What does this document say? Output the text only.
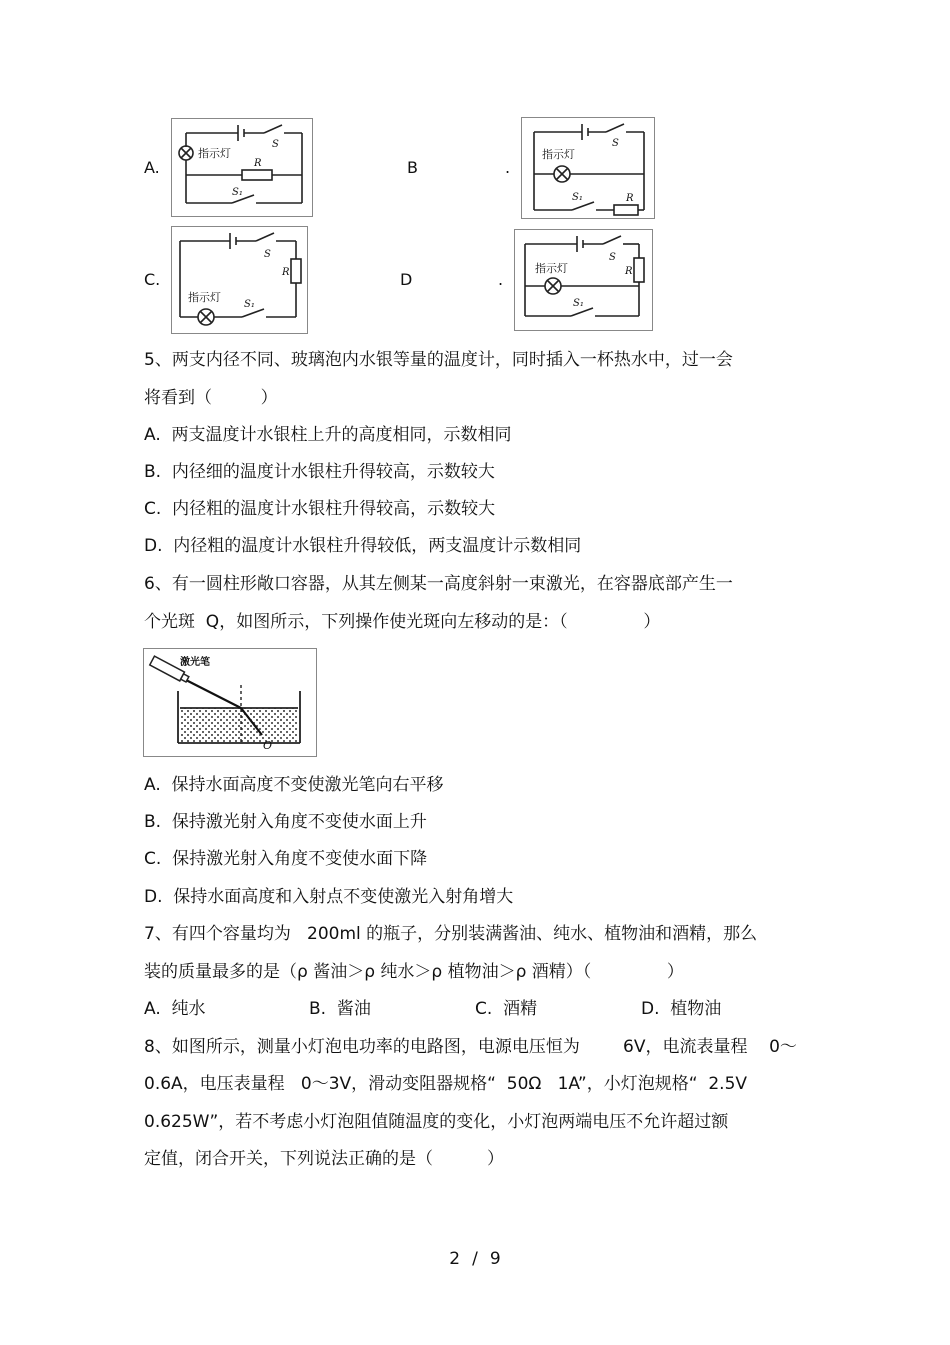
A.
指示灯
S
R
S₁
B	.
指示灯
S
S₁	R
C.
指示灯
S
R
S₁
D	.
指示灯
S
R
S₁
5、两支内径不同、玻璃泡内水银等量的温度计，同时插入一杯热水中，过一会
将看到（         ）
A.  两支温度计水银柱上升的高度相同，示数相同
B.  内径细的温度计水银柱升得较高，示数较大
C.  内径粗的温度计水银柱升得较高，示数较大
D.  内径粗的温度计水银柱升得较低，两支温度计示数相同
6、有一圆柱形敞口容器，从其左侧某一高度斜射一束激光，在容器底部产生一
个光斑  Q，如图所示，下列操作使光斑向左移动的是：（              ）
激光笔
O
A.  保持水面高度不变使激光笔向右平移
B.  保持激光射入角度不变使水面上升
C.  保持激光射入角度不变使水面下降
D.  保持水面高度和入射点不变使激光入射角增大
7、有四个容量均为   200ml 的瓶子，分别装满酱油、纯水、植物油和酒精，那么
装的质量最多的是（ρ 酱油＞ρ 纯水＞ρ 植物油＞ρ 酒精）（              ）
A.  纯水	B.  酱油	C.  酒精	D.  植物油
8、如图所示，测量小灯泡电功率的电路图，电源电压恒为        6V，电流表量程    0～
0.6A，电压表量程   0～3V，滑动变阻器规格“  50Ω   1A”，小灯泡规格“  2.5V
0.625W”，若不考虑小灯泡阻值随温度的变化，小灯泡两端电压不允许超过额
定值，闭合开关，下列说法正确的是（          ）
2 / 9
